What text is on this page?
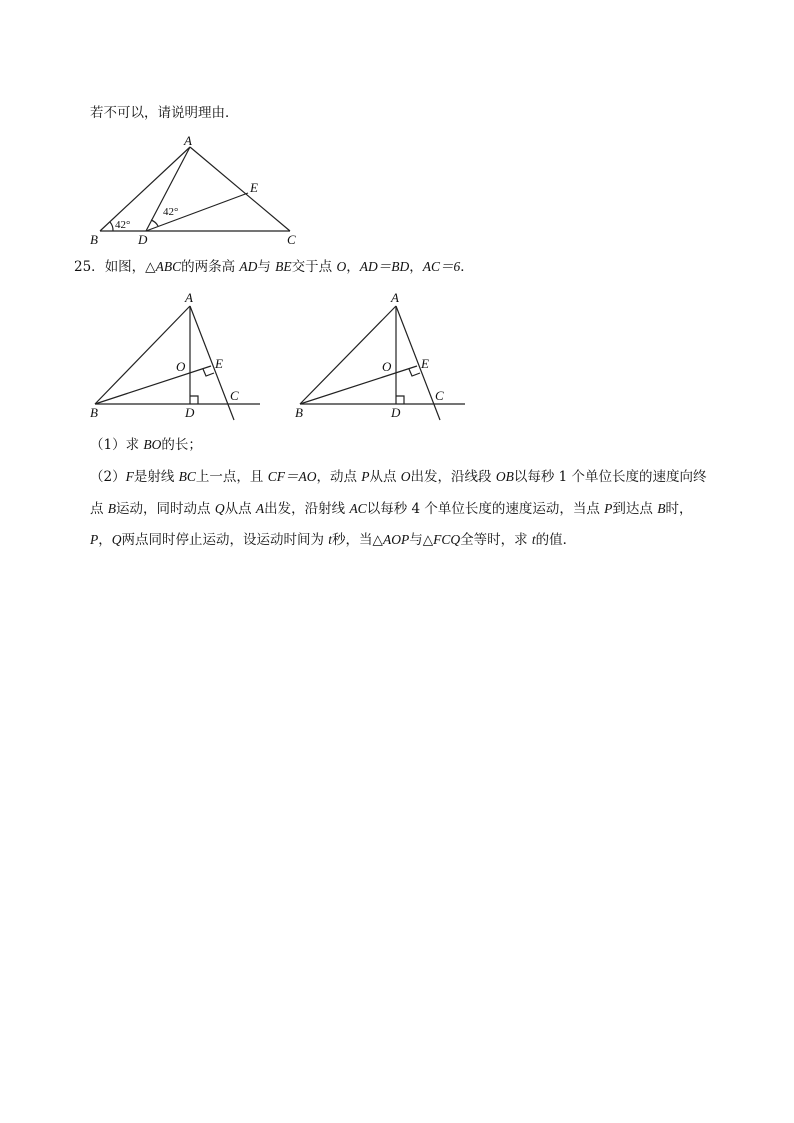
若不可以，请说明理由．
A
B	C
D
E
42°
42°
25．如图，△ABC的两条高 AD与 BE交于点 O，AD＝BD，AC＝6．
A
B
C
D
E
O
A
B
C
D
E
O
（1）求 BO的长；
（2）F是射线 BC上一点，且 CF＝AO，动点 P从点 O出发，沿线段 OB以每秒 1 个单位长度的速度向终
点 B运动，同时动点 Q从点 A出发，沿射线 AC以每秒 4 个单位长度的速度运动，当点 P到达点 B时，
P，Q两点同时停止运动，设运动时间为 t秒，当△AOP与△FCQ全等时，求 t的值．
